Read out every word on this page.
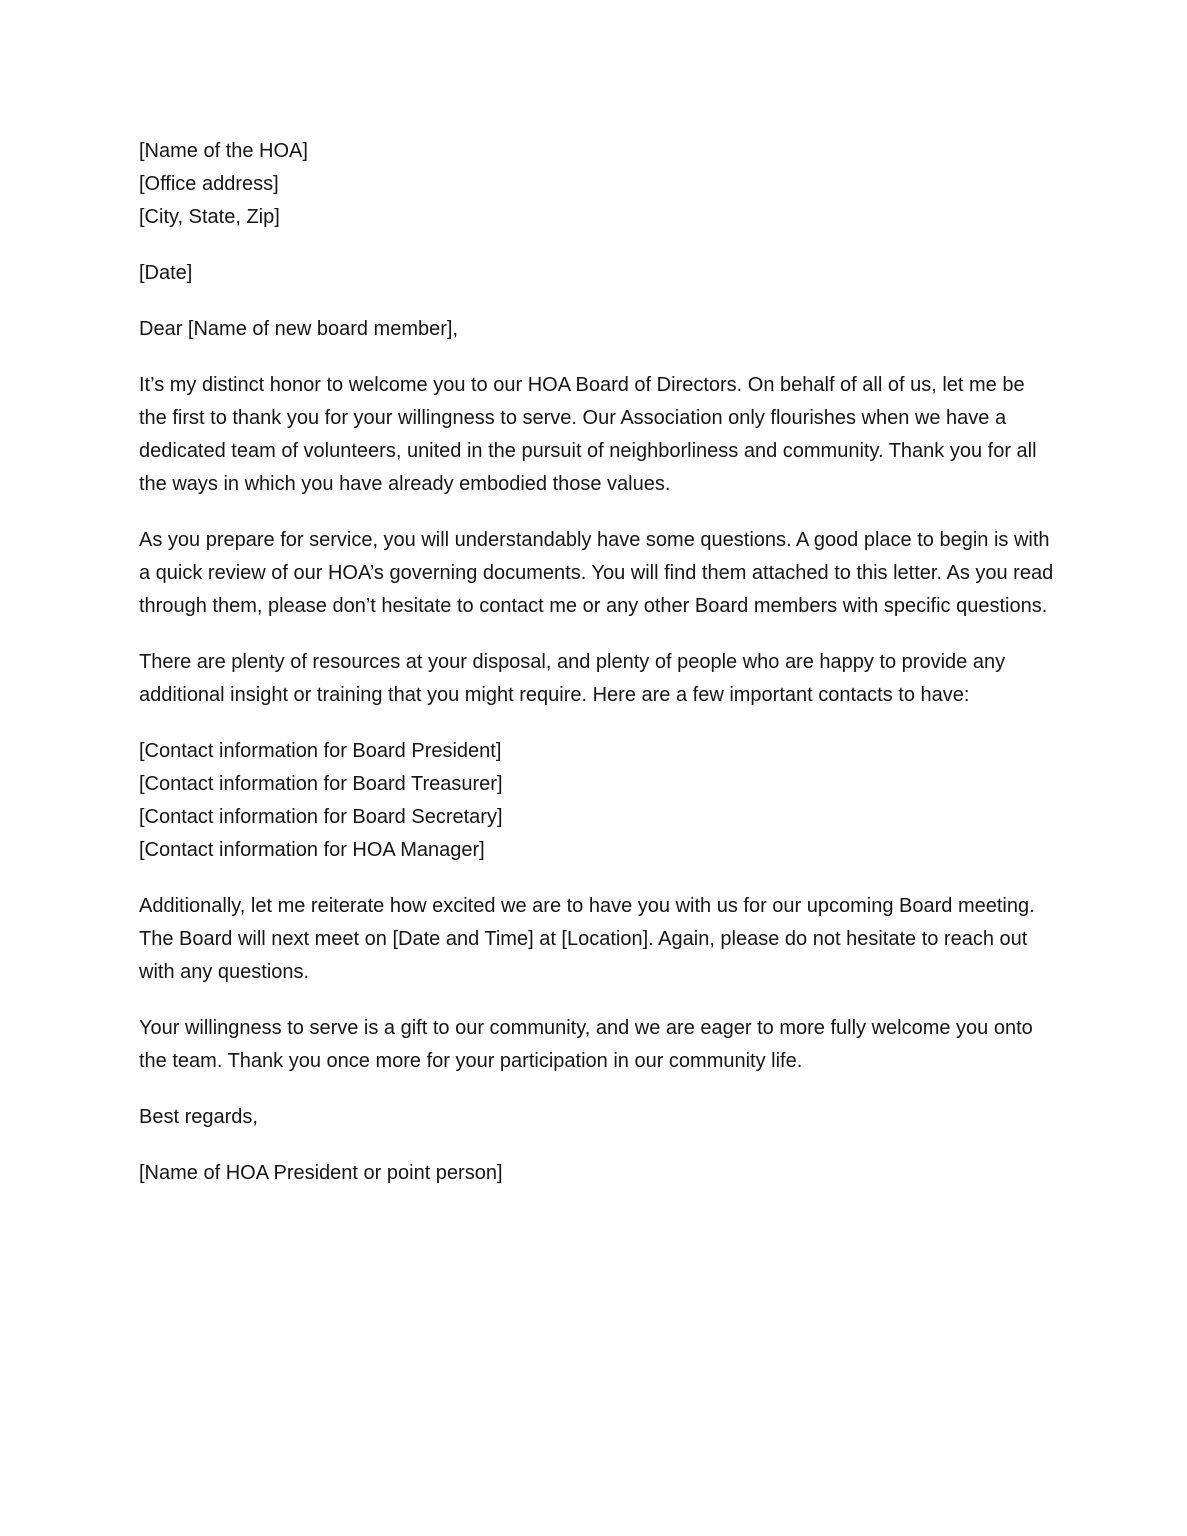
[Name of the HOA]

[Office address]

[City, State, Zip]

[Date]

Dear [Name of new board member],

It’s my distinct honor to welcome you to our HOA Board of Directors. On behalf of all of us, let me be the first to thank you for your willingness to serve. Our Association only flourishes when we have a dedicated team of volunteers, united in the pursuit of neighborliness and community. Thank you for all the ways in which you have already embodied those values.

As you prepare for service, you will understandably have some questions. A good place to begin is with a quick review of our HOA’s governing documents. You will find them attached to this letter. As you read through them, please don’t hesitate to contact me or any other Board members with specific questions.

There are plenty of resources at your disposal, and plenty of people who are happy to provide any additional insight or training that you might require. Here are a few important contacts to have:

[Contact information for Board President]

[Contact information for Board Treasurer]

[Contact information for Board Secretary]

[Contact information for HOA Manager]

Additionally, let me reiterate how excited we are to have you with us for our upcoming Board meeting. The Board will next meet on [Date and Time] at [Location]. Again, please do not hesitate to reach out with any questions.

Your willingness to serve is a gift to our community, and we are eager to more fully welcome you onto the team. Thank you once more for your participation in our community life.

Best regards,

[Name of HOA President or point person]
